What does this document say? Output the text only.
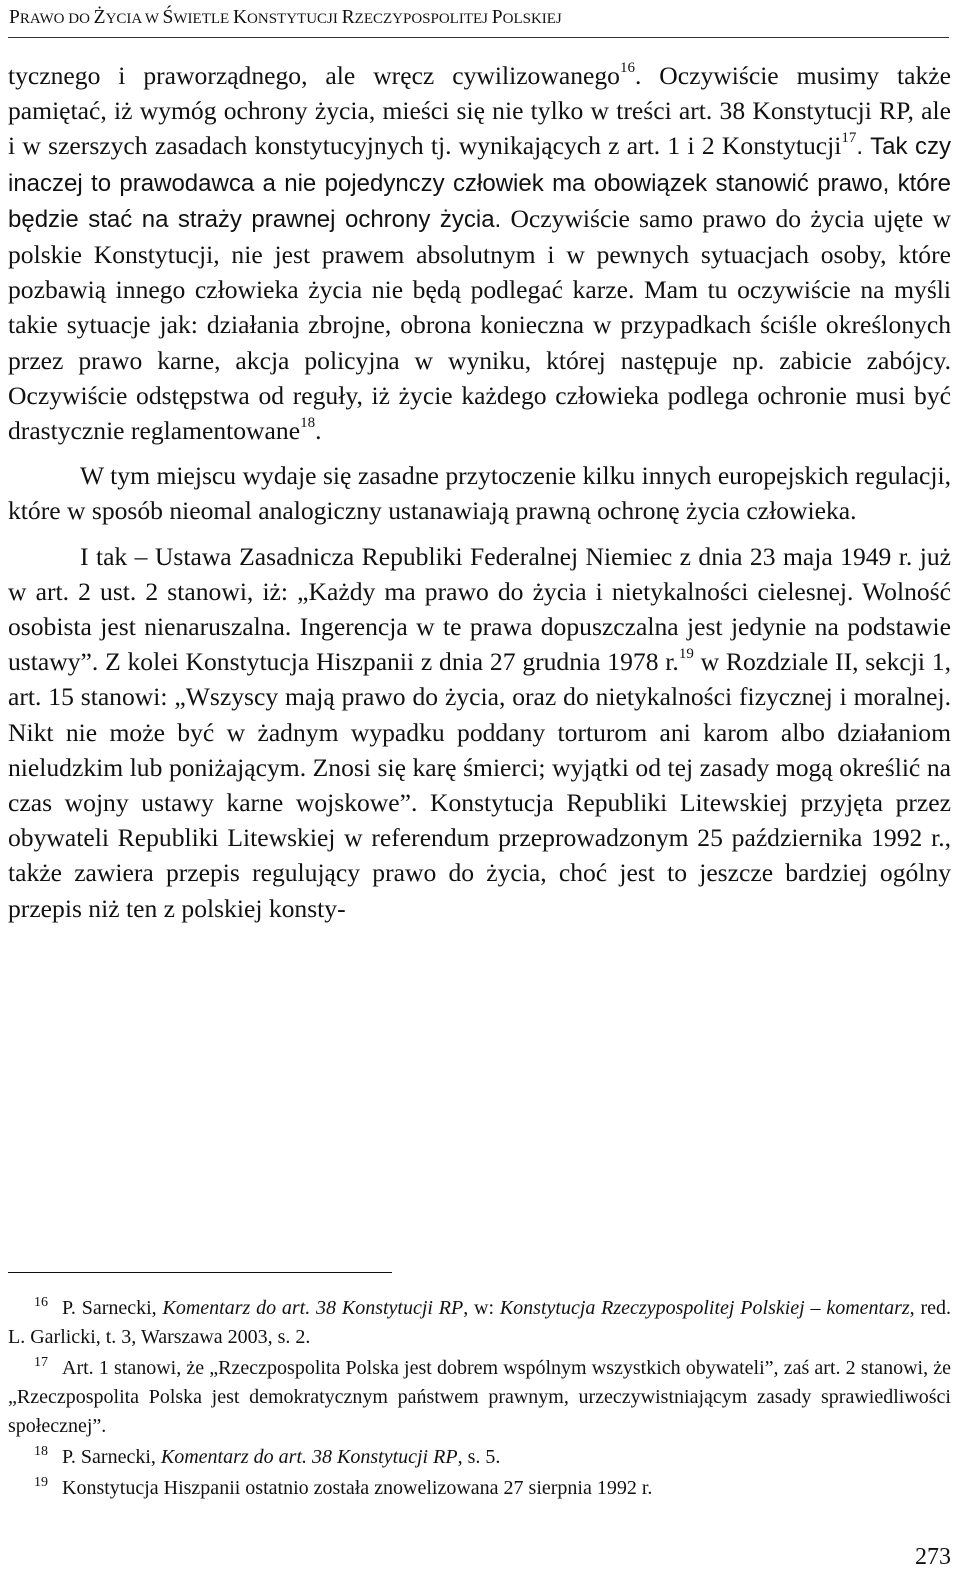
PRAWO DO ŻYCIA W ŚWIETLE KONSTYTUCJI RZECZYPOSPOLITEJ POLSKIEJ

tycznego i praworządnego, ale wręcz cywilizowanego$^{16}$. Oczywiście musimy także pamiętać, iż wymóg ochrony życia, mieści się nie tylko w treści art. 38 Konstytucji RP, ale i w szerszych zasadach konstytucyjnych tj. wynikających z art. 1 i 2 Konstytucji$^{17}$. Tak czy inaczej to prawodawca a nie pojedynczy człowiek ma obowiązek stanowić prawo, które będzie stać na straży prawnej ochrony życia. Oczywiście samo prawo do życia ujęte w polskie Konstytucji, nie jest prawem absolutnym i w pewnych sytuacjach osoby, które pozbawią innego człowieka życia nie będą podlegać karze. Mam tu oczywiście na myśli takie sytuacje jak: działania zbrojne, obrona konieczna w przypadkach ściśle określonych przez prawo karne, akcja policyjna w wyniku, której następuje np. zabicie zabójcy. Oczywiście odstępstwa od reguły, iż życie każdego człowieka podlega ochronie musi być drastycznie reglamentowane$^{18}$.

W tym miejscu wydaje się zasadne przytoczenie kilku innych europejskich regulacji, które w sposób nieomal analogiczny ustanawiają prawną ochronę życia człowieka.

I tak – Ustawa Zasadnicza Republiki Federalnej Niemiec z dnia 23 maja 1949 r. już w art. 2 ust. 2 stanowi, iż: „Każdy ma prawo do życia i nietykalności cielesnej. Wolność osobista jest nienaruszalna. Ingerencja w te prawa dopuszczalna jest jedynie na podstawie ustawy”. Z kolei Konstytucja Hiszpanii z dnia 27 grudnia 1978 r.$^{19}$ w Rozdziale II, sekcji 1, art. 15 stanowi: „Wszyscy mają prawo do życia, oraz do nietykalności fizycznej i moralnej. Nikt nie może być w żadnym wypadku poddany torturom ani karom albo działaniom nieludzkim lub poniżającym. Znosi się karę śmierci; wyjątki od tej zasady mogą określić na czas wojny ustawy karne wojskowe”. Konstytucja Republiki Litewskiej przyjęta przez obywateli Republiki Litewskiej w referendum przeprowadzonym 25 października 1992 r., także zawiera przepis regulujący prawo do życia, choć jest to jeszcze bardziej ogólny przepis niż ten z polskiej konsty-

16 P. Sarnecki, Komentarz do art. 38 Konstytucji RP, w: Konstytucja Rzeczypospolitej Polskiej – komentarz, red. L. Garlicki, t. 3, Warszawa 2003, s. 2.

17 Art. 1 stanowi, że „Rzeczpospolita Polska jest dobrem wspólnym wszystkich obywateli”, zaś art. 2 stanowi, że „Rzeczpospolita Polska jest demokratycznym państwem prawnym, urzeczywistniającym zasady sprawiedliwości społecznej”.

18 P. Sarnecki, Komentarz do art. 38 Konstytucji RP, s. 5.

19 Konstytucja Hiszpanii ostatnio została znowelizowana 27 sierpnia 1992 r.

273
